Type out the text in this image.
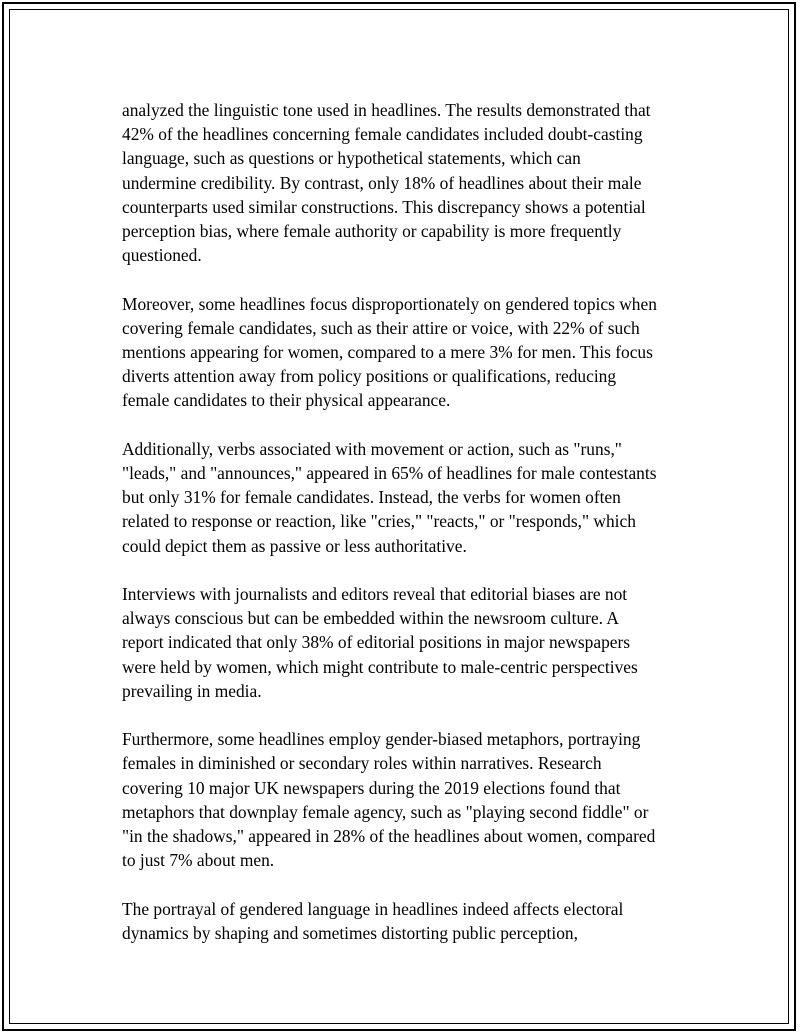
analyzed the linguistic tone used in headlines. The results demonstrated that
42% of the headlines concerning female candidates included doubt-casting
language, such as questions or hypothetical statements, which can
undermine credibility. By contrast, only 18% of headlines about their male
counterparts used similar constructions. This discrepancy shows a potential
perception bias, where female authority or capability is more frequently
questioned.

Moreover, some headlines focus disproportionately on gendered topics when
covering female candidates, such as their attire or voice, with 22% of such
mentions appearing for women, compared to a mere 3% for men. This focus
diverts attention away from policy positions or qualifications, reducing
female candidates to their physical appearance.

Additionally, verbs associated with movement or action, such as "runs,"
"leads," and "announces," appeared in 65% of headlines for male contestants
but only 31% for female candidates. Instead, the verbs for women often
related to response or reaction, like "cries," "reacts," or "responds," which
could depict them as passive or less authoritative.

Interviews with journalists and editors reveal that editorial biases are not
always conscious but can be embedded within the newsroom culture. A
report indicated that only 38% of editorial positions in major newspapers
were held by women, which might contribute to male-centric perspectives
prevailing in media.

Furthermore, some headlines employ gender-biased metaphors, portraying
females in diminished or secondary roles within narratives. Research
covering 10 major UK newspapers during the 2019 elections found that
metaphors that downplay female agency, such as "playing second fiddle" or
"in the shadows," appeared in 28% of the headlines about women, compared
to just 7% about men.

The portrayal of gendered language in headlines indeed affects electoral
dynamics by shaping and sometimes distorting public perception,
